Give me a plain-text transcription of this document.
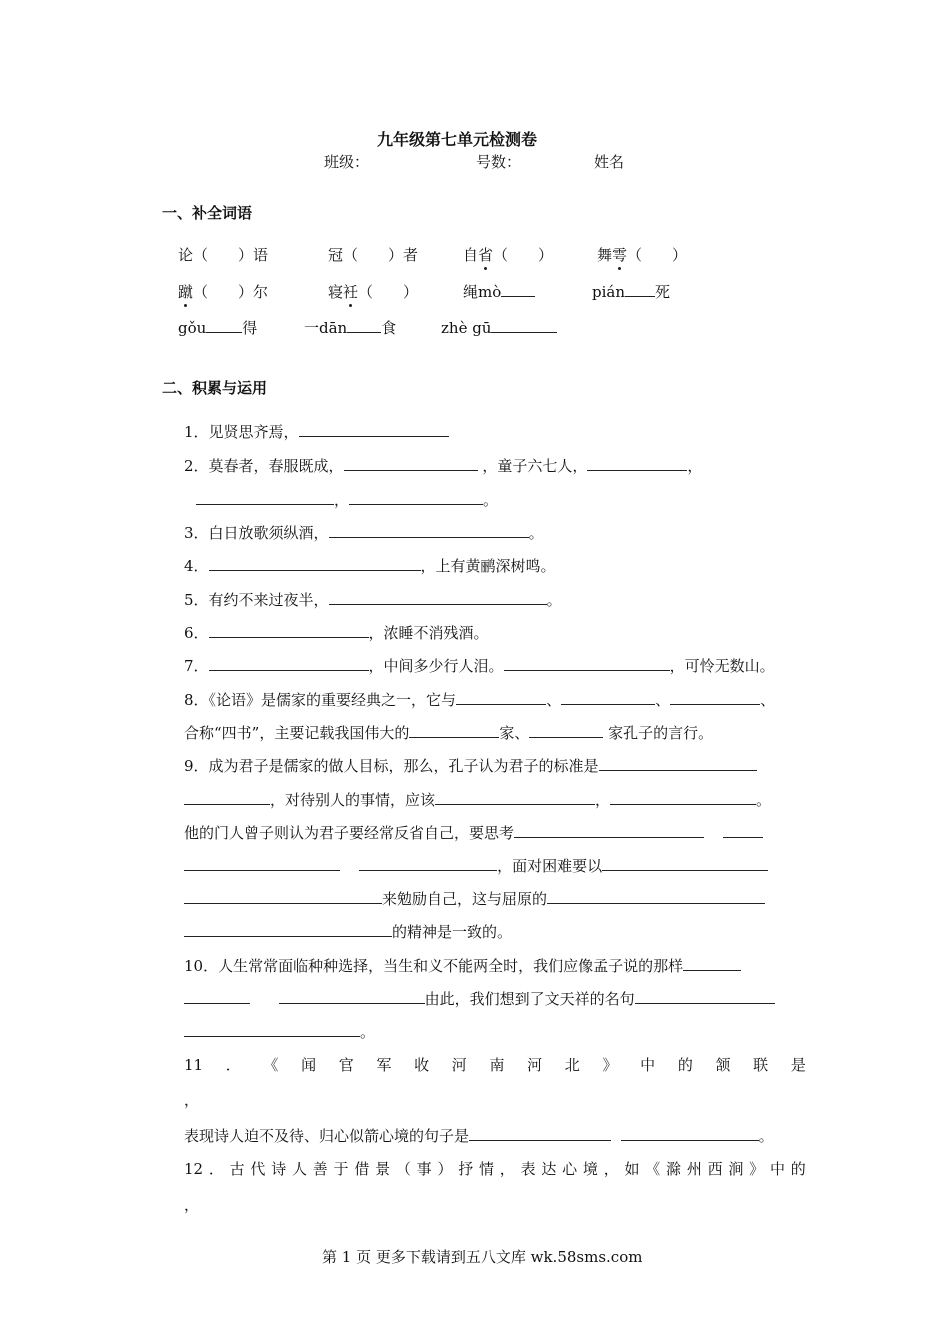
九年级第七单元检测卷
班级：	号数：	姓名
一、补全词语
论（　　）语	冠（　　）者	自省（　　）	舞雩（　　）
蹴（　　）尔	寝衽（　　）	绳mò	pián 死
gǒu 得	一dān 食	zhè gū
二、积累与运用
1．见贤思齐焉，
2．莫春者，春服既成，	，童子六七人，	，
，	。
3．白日放歌须纵酒，	。
4．	，上有黄鹂深树鸣。
5．有约不来过夜半，	。
6．	，浓睡不消残酒。
7．	，中间多少行人泪。	，可怜无数山。
8．《论语》是儒家的重要经典之一，它与	、	、	、
合称“四书”，主要记载我国伟大的	家、	家孔子的言行。
9．成为君子是儒家的做人目标，那么，孔子认为君子的标准是
，对待别人的事情，应该	，	。
他的门人曾子则认为君子要经常反省自己，要思考
，面对困难要以
来勉励自己，这与屈原的
的精神是一致的。
10．人生常常面临种种选择，当生和义不能两全时，我们应像孟子说的那样
由此，我们想到了文天祥的名句
。
11 ． 《 闻 官 军 收 河 南 河 北 》 中 的 颔 联 是
，
表现诗人迫不及待、归心似箭心境的句子是	。
12 ． 古 代 诗 人 善 于 借 景 （ 事 ） 抒 情 ， 表 达 心 境 ， 如 《 滁 州 西 涧 》 中 的
，
第 1 页 更多下载请到五八文库 wk.58sms.com
